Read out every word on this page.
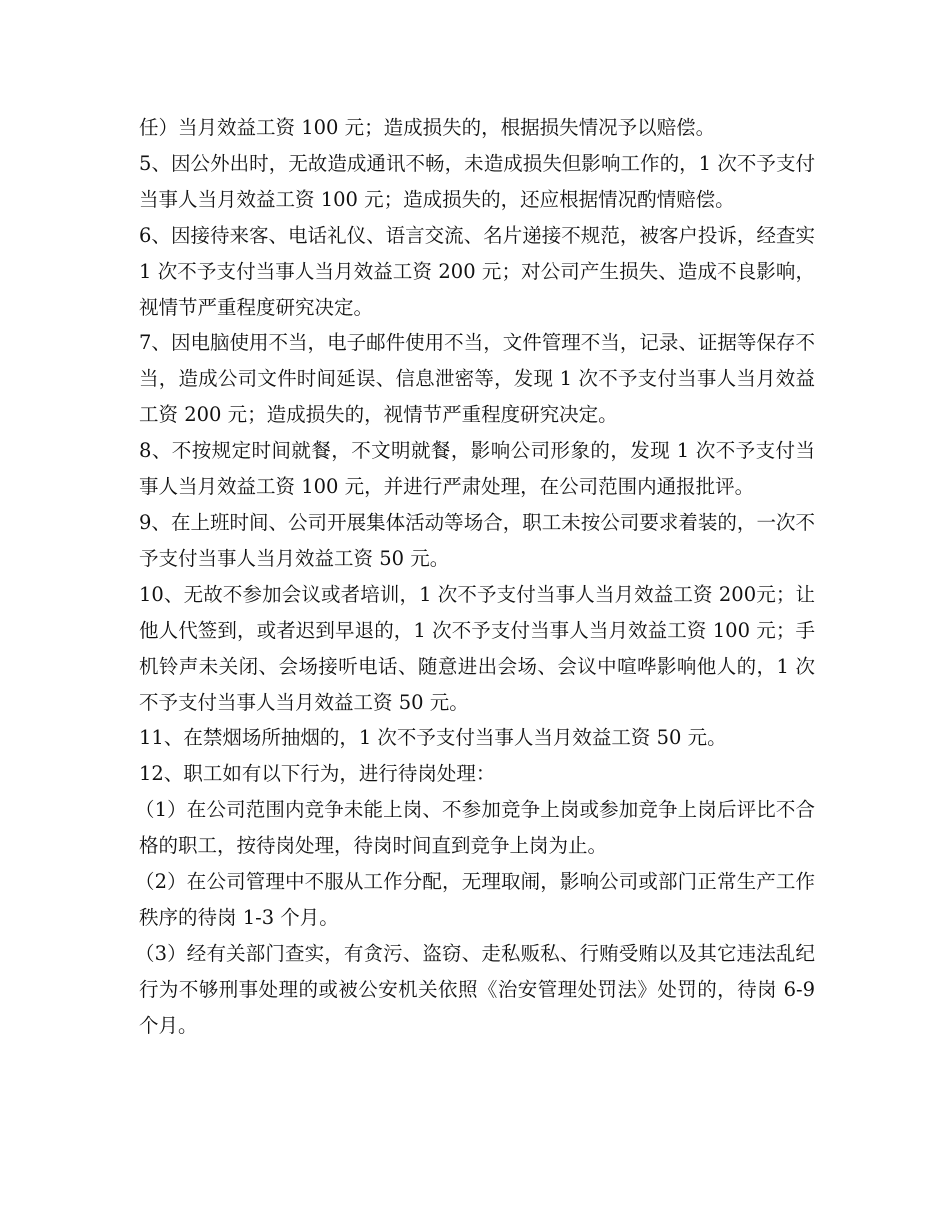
任）当月效益工资 100 元；造成损失的，根据损失情况予以赔偿。

5、因公外出时，无故造成通讯不畅，未造成损失但影响工作的，1 次不予支付当事人当月效益工资 100 元；造成损失的，还应根据情况酌情赔偿。

6、因接待来客、电话礼仪、语言交流、名片递接不规范，被客户投诉，经查实 1 次不予支付当事人当月效益工资 200 元；对公司产生损失、造成不良影响，视情节严重程度研究决定。

7、因电脑使用不当，电子邮件使用不当，文件管理不当，记录、证据等保存不当，造成公司文件时间延误、信息泄密等，发现 1 次不予支付当事人当月效益工资 200 元；造成损失的，视情节严重程度研究决定。

8、不按规定时间就餐，不文明就餐，影响公司形象的，发现 1 次不予支付当事人当月效益工资 100 元，并进行严肃处理，在公司范围内通报批评。

9、在上班时间、公司开展集体活动等场合，职工未按公司要求着装的，一次不予支付当事人当月效益工资 50 元。

10、无故不参加会议或者培训，1 次不予支付当事人当月效益工资 200元；让他人代签到，或者迟到早退的，1 次不予支付当事人当月效益工资 100 元；手机铃声未关闭、会场接听电话、随意进出会场、会议中喧哗影响他人的，1 次不予支付当事人当月效益工资 50 元。

11、在禁烟场所抽烟的，1 次不予支付当事人当月效益工资 50 元。

12、职工如有以下行为，进行待岗处理：

（1）在公司范围内竞争未能上岗、不参加竞争上岗或参加竞争上岗后评比不合格的职工，按待岗处理，待岗时间直到竞争上岗为止。

（2）在公司管理中不服从工作分配，无理取闹，影响公司或部门正常生产工作秩序的待岗 1-3 个月。

（3）经有关部门查实，有贪污、盗窃、走私贩私、行贿受贿以及其它违法乱纪行为不够刑事处理的或被公安机关依照《治安管理处罚法》处罚的，待岗 6-9 个月。
